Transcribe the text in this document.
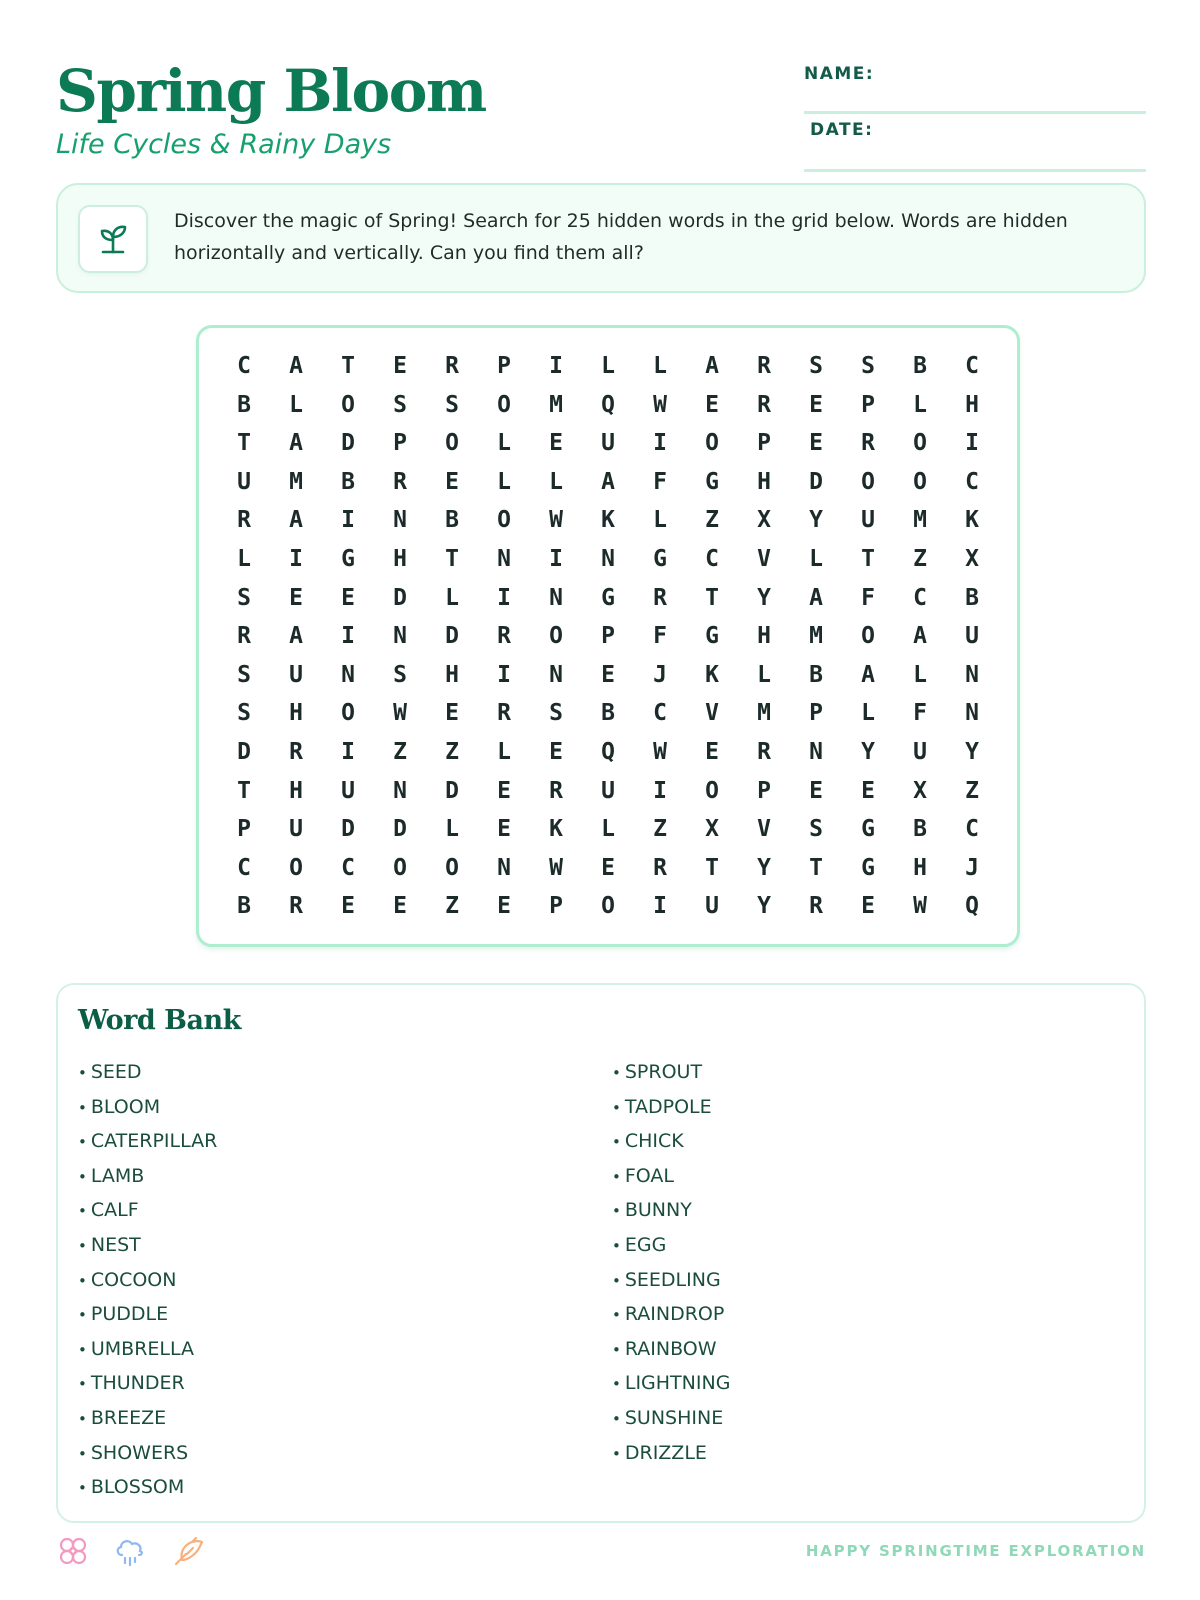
Spring Bloom
Life Cycles & Rainy Days
NAME:
DATE:
Discover the magic of Spring! Search for 25 hidden words in the grid below. Words are hidden horizontally and vertically. Can you find them all?
C	A	T	E	R	P	I	L	L	A	R	S	S	B	C
B	L	O	S	S	O	M	Q	W	E	R	E	P	L	H
T	A	D	P	O	L	E	U	I	O	P	E	R	O	I
U	M	B	R	E	L	L	A	F	G	H	D	O	O	C
R	A	I	N	B	O	W	K	L	Z	X	Y	U	M	K
L	I	G	H	T	N	I	N	G	C	V	L	T	Z	X
S	E	E	D	L	I	N	G	R	T	Y	A	F	C	B
R	A	I	N	D	R	O	P	F	G	H	M	O	A	U
S	U	N	S	H	I	N	E	J	K	L	B	A	L	N
S	H	O	W	E	R	S	B	C	V	M	P	L	F	N
D	R	I	Z	Z	L	E	Q	W	E	R	N	Y	U	Y
T	H	U	N	D	E	R	U	I	O	P	E	E	X	Z
P	U	D	D	L	E	K	L	Z	X	V	S	G	B	C
C	O	C	O	O	N	W	E	R	T	Y	T	G	H	J
B	R	E	E	Z	E	P	O	I	U	Y	R	E	W	Q
Word Bank
• SEED
• BLOOM
• CATERPILLAR
• LAMB
• CALF
• NEST
• COCOON
• PUDDLE
• UMBRELLA
• THUNDER
• BREEZE
• SHOWERS
• BLOSSOM
• SPROUT
• TADPOLE
• CHICK
• FOAL
• BUNNY
• EGG
• SEEDLING
• RAINDROP
• RAINBOW
• LIGHTNING
• SUNSHINE
• DRIZZLE
HAPPY SPRINGTIME EXPLORATION
